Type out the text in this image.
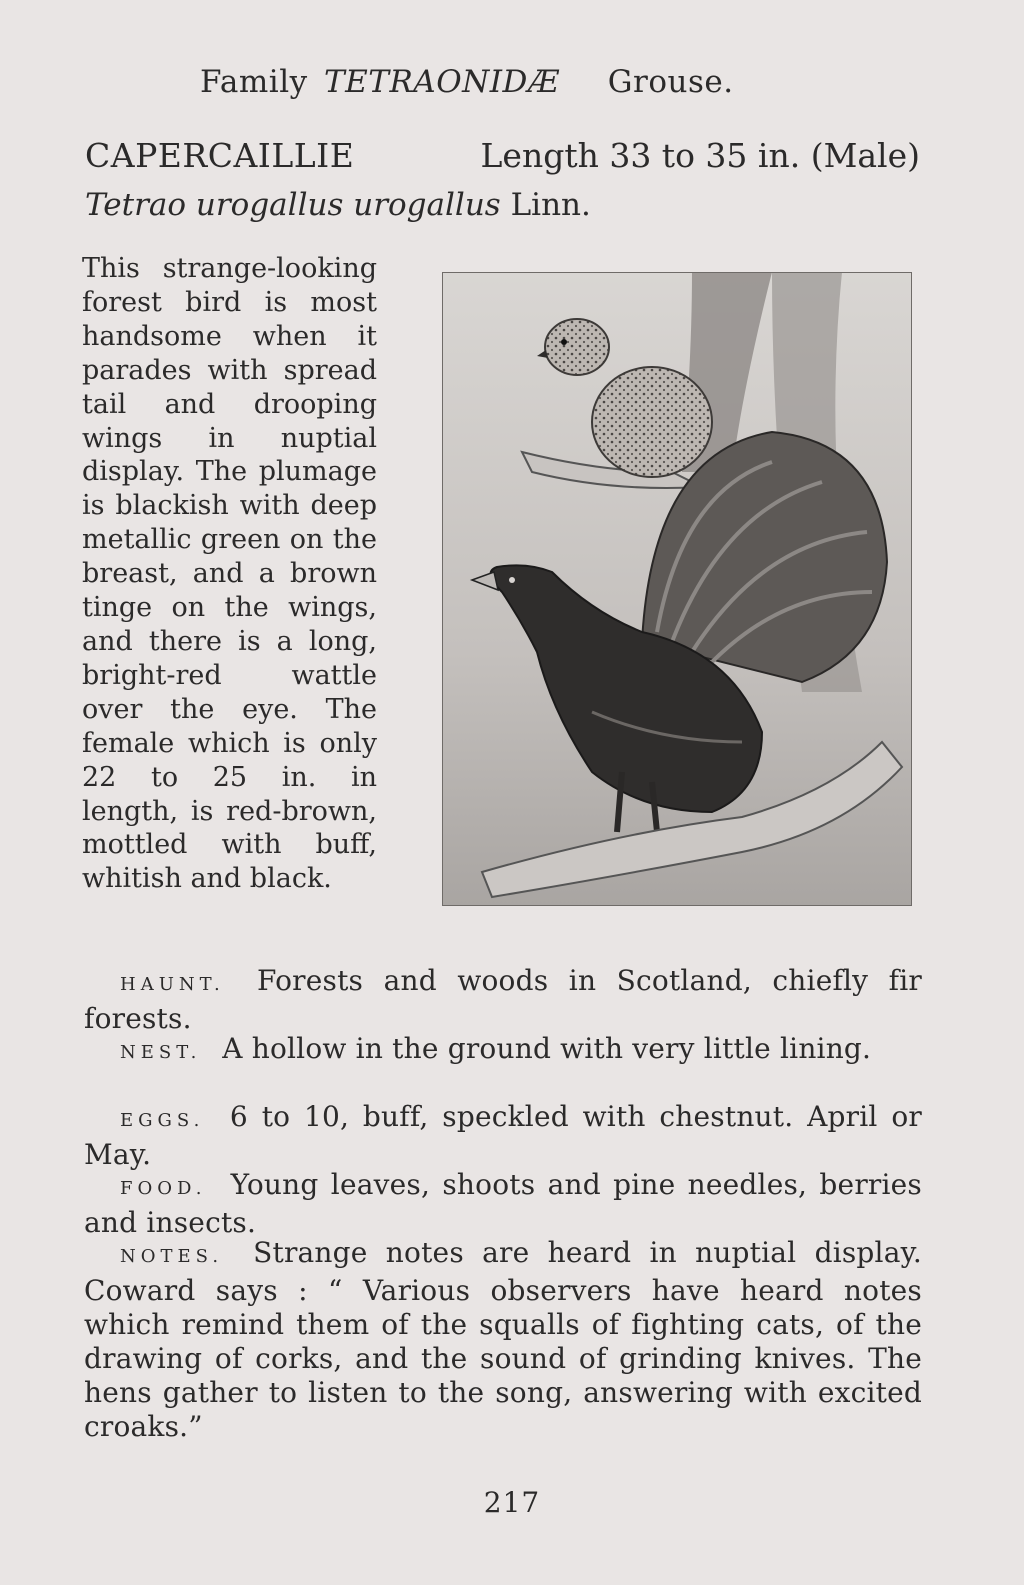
Family TETRAONIDÆ Grouse.
CAPERCAILLIE	Length 33 to 35 in. (Male)
Tetrao urogallus urogallus Linn.
This strange-looking forest bird is most handsome when it parades with spread tail and drooping wings in nuptial display. The plumage is blackish with deep metallic green on the breast, and a brown tinge on the wings, and there is a long, bright-red wattle over the eye. The female which is only 22 to 25 in. in length, is red-brown, mottled with buff, whitish and black.
HAUNT. Forests and woods in Scotland, chiefly fir forests.
NEST. A hollow in the ground with very little lining.
EGGS. 6 to 10, buff, speckled with chestnut. April or May.
FOOD. Young leaves, shoots and pine needles, berries and insects.
NOTES. Strange notes are heard in nuptial display. Coward says : “ Various observers have heard notes which remind them of the squalls of fighting cats, of the drawing of corks, and the sound of grinding knives. The hens gather to listen to the song, answering with excited croaks.”
217
